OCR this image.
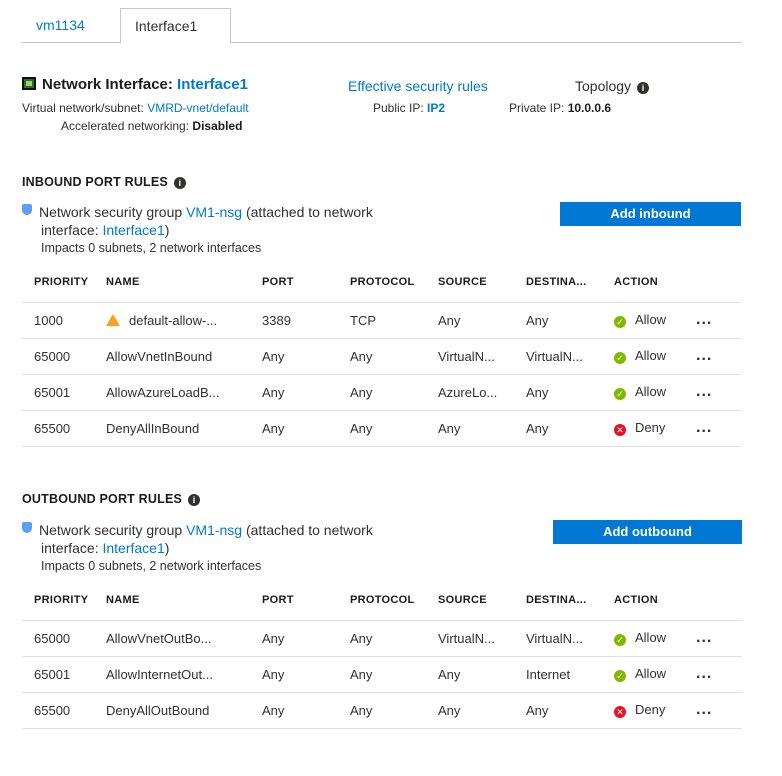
vm1134	Interface1
Network Interface: Interface1	Effective security rules	Topology i
Virtual network/subnet: VMRD-vnet/default	Public IP: IP2	Private IP: 10.0.0.6
Accelerated networking: Disabled
INBOUND PORT RULES i
Network security group VM1-nsg (attached to network
interface: Interface1)
Impacts 0 subnets, 2 network interfaces
Add inbound
PRIORITY	NAME	PORT	PROTOCOL	SOURCE	DESTINA...	ACTION	
1000	default-allow-...	3389	TCP	Any	Any	✓ Allow	...
65000	AllowVnetInBound	Any	Any	VirtualN...	VirtualN...	✓ Allow	...
65001	AllowAzureLoadB...	Any	Any	AzureLo...	Any	✓ Allow	...
65500	DenyAllInBound	Any	Any	Any	Any	✕ Deny	...
OUTBOUND PORT RULES i
Network security group VM1-nsg (attached to network
interface: Interface1)
Impacts 0 subnets, 2 network interfaces
Add outbound
PRIORITY	NAME	PORT	PROTOCOL	SOURCE	DESTINA...	ACTION	
65000	AllowVnetOutBo...	Any	Any	VirtualN...	VirtualN...	✓ Allow	...
65001	AllowInternetOut...	Any	Any	Any	Internet	✓ Allow	...
65500	DenyAllOutBound	Any	Any	Any	Any	✕ Deny	...
